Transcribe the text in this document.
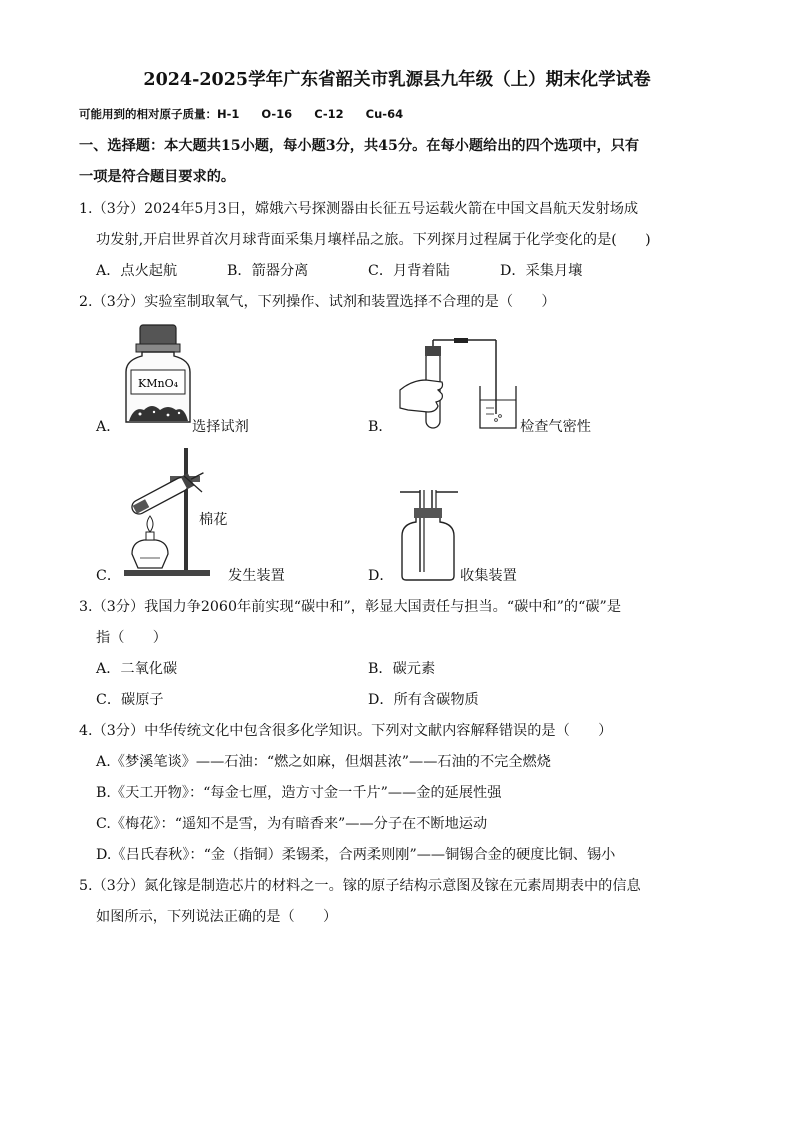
2024-2025学年广东省韶关市乳源县九年级（上）期末化学试卷
可能用到的相对原子质量：H-1 O-16 C-12 Cu-64
一、选择题：本大题共15小题，每小题3分，共45分。在每小题给出的四个选项中，只有
一项是符合题目要求的。
1.（3分）2024年5月3日，嫦娥六号探测器由长征五号运载火箭在中国文昌航天发射场成
功发射,开启世界首次月球背面采集月壤样品之旅。下列探月过程属于化学变化的是(　　)
A．点火起航	B．箭器分离	C．月背着陆	D．采集月壤
2.（3分）实验室制取氧气，下列操作、试剂和装置选择不合理的是（　　）
KMnO₄
A．	选择试剂	B．	检查气密性
棉花
C．	发生装置	D．	收集装置
3.（3分）我国力争2060年前实现“碳中和”，彰显大国责任与担当。“碳中和”的“碳”是
指（　　）
A．二氧化碳	B．碳元素
C．碳原子	D．所有含碳物质
4.（3分）中华传统文化中包含很多化学知识。下列对文献内容解释错误的是（　　）
A.《梦溪笔谈》——石油：“燃之如麻，但烟甚浓”——石油的不完全燃烧
B.《天工开物》：“每金七厘，造方寸金一千片”——金的延展性强
C.《梅花》：“遥知不是雪，为有暗香来”——分子在不断地运动
D.《吕氏春秋》：“金（指铜）柔锡柔，合两柔则刚”——铜锡合金的硬度比铜、锡小
5.（3分）氮化镓是制造芯片的材料之一。镓的原子结构示意图及镓在元素周期表中的信息
如图所示，下列说法正确的是（　　）
